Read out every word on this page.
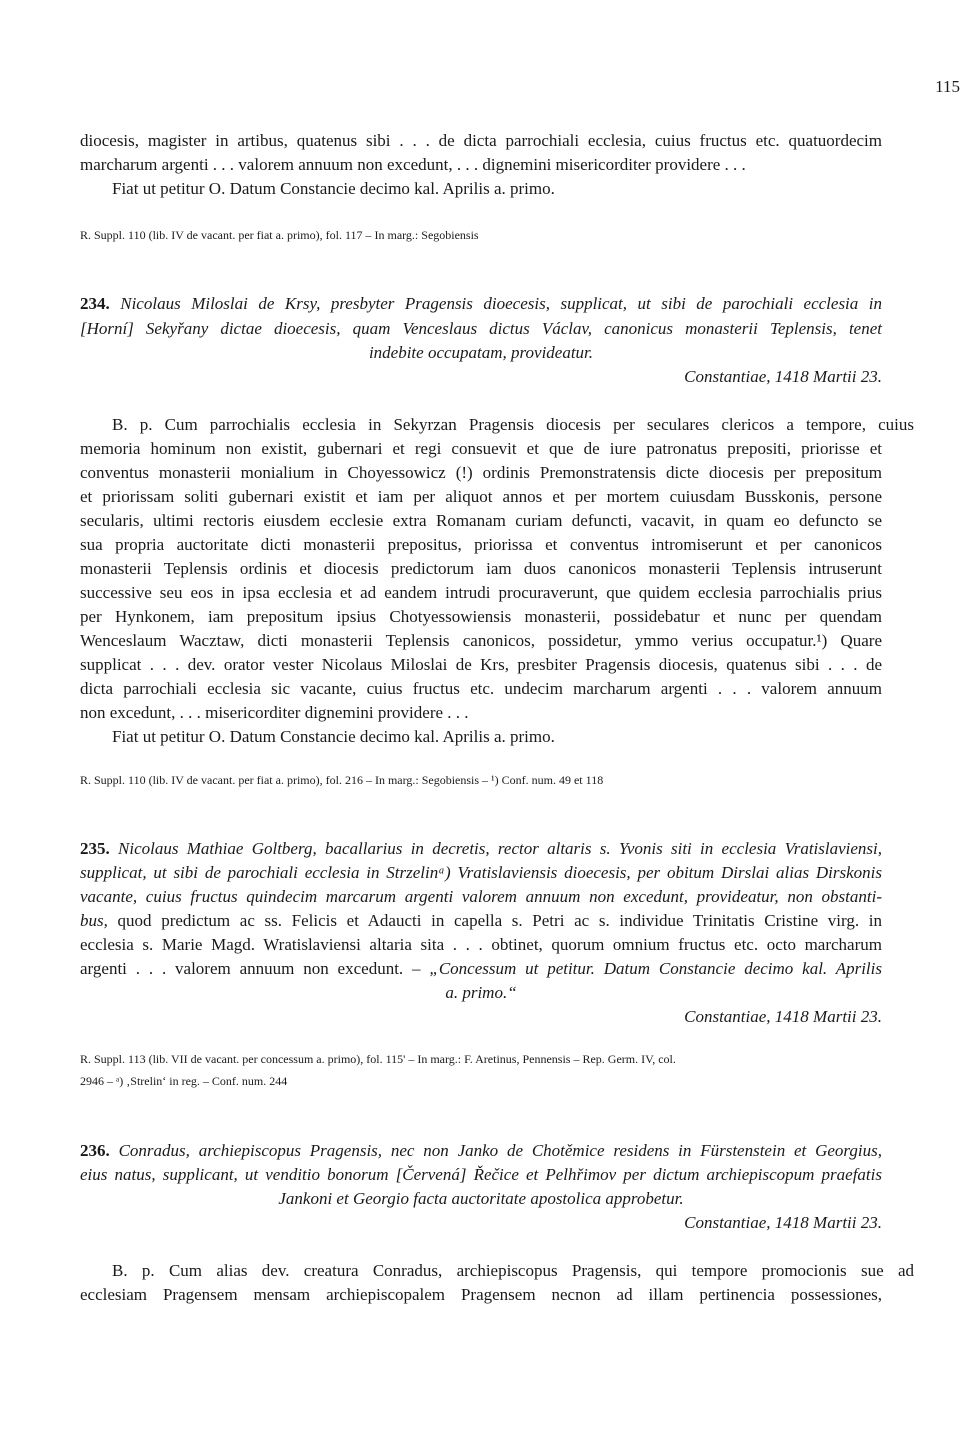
115
diocesis, magister in artibus, quatenus sibi . . . de dicta parrochiali ecclesia, cuius fructus etc. quatuordecim
marcharum argenti . . . valorem annuum non excedunt, . . . dignemini misericorditer providere . . .
Fiat ut petitur O. Datum Constancie decimo kal. Aprilis a. primo.
R. Suppl. 110 (lib. IV de vacant. per fiat a. primo), fol. 117 – In marg.: Segobiensis
234. Nicolaus Miloslai de Krsy, presbyter Pragensis dioecesis, supplicat, ut sibi de parochiali ecclesia in
[Horní] Sekyřany dictae dioecesis, quam Venceslaus dictus Václav, canonicus monasterii Teplensis, tenet
indebite occupatam, provideatur.
Constantiae, 1418 Martii 23.
B. p. Cum parrochialis ecclesia in Sekyrzan Pragensis diocesis per seculares clericos a tempore, cuius
memoria hominum non existit, gubernari et regi consuevit et que de iure patronatus prepositi, priorisse et
conventus monasterii monialium in Choyessowicz (!) ordinis Premonstratensis dicte diocesis per prepositum
et priorissam soliti gubernari existit et iam per aliquot annos et per mortem cuiusdam Busskonis, persone
secularis, ultimi rectoris eiusdem ecclesie extra Romanam curiam defuncti, vacavit, in quam eo defuncto se
sua propria auctoritate dicti monasterii prepositus, priorissa et conventus intromiserunt et per canonicos
monasterii Teplensis ordinis et diocesis predictorum iam duos canonicos monasterii Teplensis intruserunt
successive seu eos in ipsa ecclesia et ad eandem intrudi procuraverunt, que quidem ecclesia parrochialis prius
per Hynkonem, iam prepositum ipsius Chotyessowiensis monasterii, possidebatur et nunc per quendam
Wenceslaum Wacztaw, dicti monasterii Teplensis canonicos, possidetur, ymmo verius occupatur.¹) Quare
supplicat . . . dev. orator vester Nicolaus Miloslai de Krs, presbiter Pragensis diocesis, quatenus sibi . . . de
dicta parrochiali ecclesia sic vacante, cuius fructus etc. undecim marcharum argenti . . . valorem annuum
non excedunt, . . . misericorditer dignemini providere . . .
Fiat ut petitur O. Datum Constancie decimo kal. Aprilis a. primo.
R. Suppl. 110 (lib. IV de vacant. per fiat a. primo), fol. 216 – In marg.: Segobiensis – ¹) Conf. num. 49 et 118
235. Nicolaus Mathiae Goltberg, bacallarius in decretis, rector altaris s. Yvonis siti in ecclesia Vratislaviensi,
supplicat, ut sibi de parochiali ecclesia in Strzelinᵃ) Vratislaviensis dioecesis, per obitum Dirslai alias Dirskonis
vacante, cuius fructus quindecim marcarum argenti valorem annuum non excedunt, provideatur, non obstanti-
bus, quod predictum ac ss. Felicis et Adaucti in capella s. Petri ac s. individue Trinitatis Cristine virg. in
ecclesia s. Marie Magd. Wratislaviensi altaria sita . . . obtinet, quorum omnium fructus etc. octo marcharum
argenti . . . valorem annuum non excedunt. – „Concessum ut petitur. Datum Constancie decimo kal. Aprilis
a. primo.“
Constantiae, 1418 Martii 23.
R. Suppl. 113 (lib. VII de vacant. per concessum a. primo), fol. 115' – In marg.: F. Aretinus, Pennensis – Rep. Germ. IV, col.
2946 – ᵃ) ‚Strelin‘ in reg. – Conf. num. 244
236. Conradus, archiepiscopus Pragensis, nec non Janko de Chotěmice residens in Fürstenstein et Georgius,
eius natus, supplicant, ut venditio bonorum [Červená] Řečice et Pelhřimov per dictum archiepiscopum praefatis
Jankoni et Georgio facta auctoritate apostolica approbetur.
Constantiae, 1418 Martii 23.
B. p. Cum alias dev. creatura Conradus, archiepiscopus Pragensis, qui tempore promocionis sue ad
ecclesiam Pragensem mensam archiepiscopalem Pragensem necnon ad illam pertinencia possessiones,
